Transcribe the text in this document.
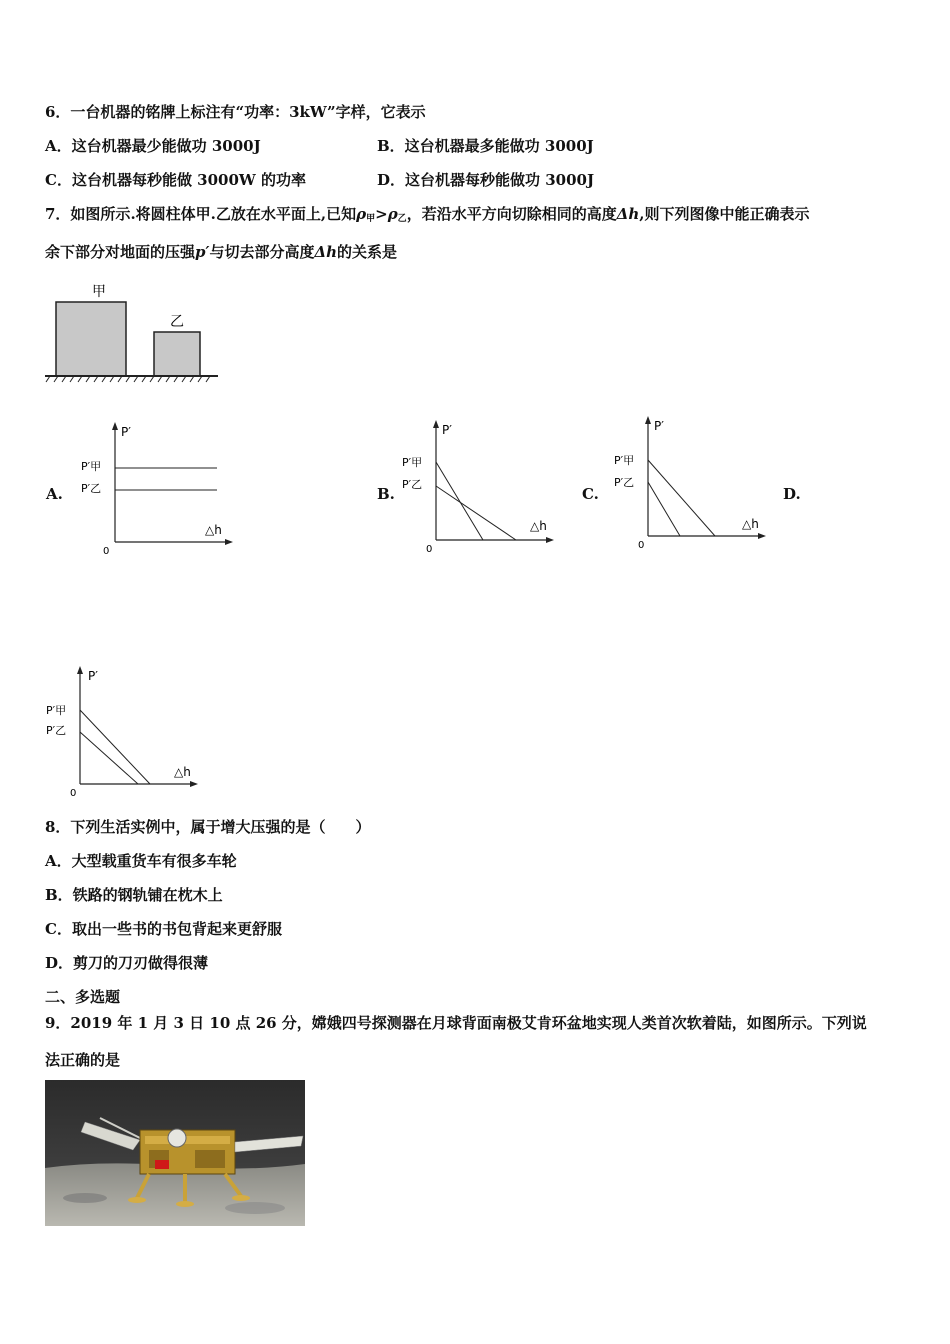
6．一台机器的铭牌上标注有“功率：3kW”字样，它表示
A．这台机器最少能做功 3000J	B．这台机器最多能做功 3000J
C．这台机器每秒能做 3000W 的功率	D．这台机器每秒能做功 3000J
7．如图所示.将圆柱体甲.乙放在水平面上,已知$\rho_甲>\rho_乙$，若沿水平方向切除相同的高度Δh,则下列图像中能正确表示
余下部分对地面的压强p′与切去部分高度Δh的关系是
甲
乙
A.	B.	C.	D.
P′
P′甲
P′乙
△h
0
P′
P′甲
P′乙
△h
0
P′
P′甲
P′乙
△h
0
P′
P′甲
P′乙
△h
0
8．下列生活实例中，属于增大压强的是（　　）
A．大型载重货车有很多车轮
B．铁路的钢轨铺在枕木上
C．取出一些书的书包背起来更舒服
D．剪刀的刀刃做得很薄
二、多选题
9．2019 年 1 月 3 日 10 点 26 分，嫦娥四号探测器在月球背面南极艾肯环盆地实现人类首次软着陆，如图所示。下列说
法正确的是
